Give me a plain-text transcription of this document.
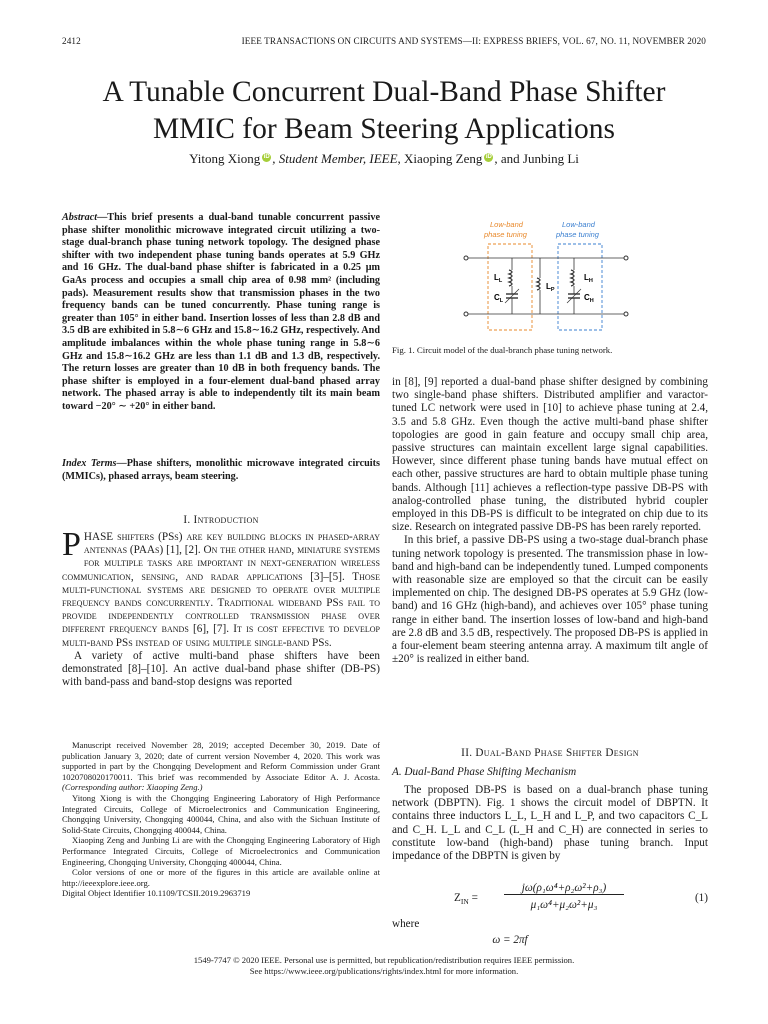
2412	IEEE TRANSACTIONS ON CIRCUITS AND SYSTEMS—II: EXPRESS BRIEFS, VOL. 67, NO. 11, NOVEMBER 2020
A Tunable Concurrent Dual-Band Phase Shifter
MMIC for Beam Steering Applications
Yitong Xiong iD , Student Member, IEEE, Xiaoping Zeng iD , and Junbing Li
Abstract—This brief presents a dual-band tunable concurrent passive phase shifter monolithic microwave integrated circuit utilizing a two-stage dual-branch phase tuning network topology. The designed phase shifter with two independent phase tuning bands operates at 5.9 GHz and 16 GHz. The dual-band phase shifter is fabricated in a 0.25 μm GaAs process and occupies a small chip area of 0.98 mm² (including pads). Measurement results show that transmission phases in the two frequency bands can be tuned concurrently. Phase tuning range is greater than 105° in either band. Insertion losses of less than 2.8 dB and 3.5 dB are exhibited in 5.8∼6 GHz and 15.8∼16.2 GHz, respectively. And amplitude imbalances within the whole phase tuning range in 5.8∼6 GHz and 15.8∼16.2 GHz are less than 1.1 dB and 1.3 dB, respectively. The return losses are greater than 10 dB in both frequency bands. The phase shifter is employed in a four-element dual-band phased array network. The phased array is able to independently tilt its main beam toward −20° ∼ +20° in either band.
Index Terms—Phase shifters, monolithic microwave integrated circuits (MMICs), phased arrays, beam steering.
I. Introduction

PHASE shifters (PSs) are key building blocks in phased-array antennas (PAAs) [1], [2]. On the other hand, miniature systems for multiple tasks are important in next-generation wireless communication, sensing, and radar applications [3]–[5]. Those multi-functional systems are designed to operate over multiple frequency bands concurrently. Traditional wideband PSs fail to provide independently controlled transmission phase over different frequency bands [6], [7]. It is cost effective to develop multi-band PSs instead of using multiple single-band PSs.

A variety of active multi-band phase shifters have been demonstrated [8]–[10]. An active dual-band phase shifter (DB-PS) with band-pass and band-stop designs was reported

Manuscript received November 28, 2019; accepted December 30, 2019. Date of publication January 3, 2020; date of current version November 4, 2020. This work was supported in part by the Chongqing Development and Reform Commission under Grant 1020708020170011. This brief was recommended by Associate Editor A. J. Acosta. (Corresponding author: Xiaoping Zeng.)

Yitong Xiong is with the Chongqing Engineering Laboratory of High Performance Integrated Circuits, College of Microelectronics and Communication Engineering, Chongqing University, Chongqing 400044, China, and also with the Sichuan Institute of Solid-State Circuits, Chongqing 400044, China.

Xiaoping Zeng and Junbing Li are with the Chongqing Engineering Laboratory of High Performance Integrated Circuits, College of Microelectronics and Communication Engineering, Chongqing University, Chongqing 400044, China.

Color versions of one or more of the figures in this article are available online at http://ieeexplore.ieee.org.

Digital Object Identifier 10.1109/TCSII.2019.2963719

Low-band
phase tuning
Low-band
phase tuning
$L_L$
$C_L$
$L_P$
$L_H$
$C_H$
Fig. 1. Circuit model of the dual-branch phase tuning network.

in [8], [9] reported a dual-band phase shifter designed by combining two single-band phase shifters. Distributed amplifier and varactor-tuned LC network were used in [10] to achieve phase tuning at 2.4, 3.5 and 5.8 GHz. Even though the active multi-band phase shifter topologies are good in gain feature and occupy small chip area, passive structures can maintain excellent large signal capabilities. However, since different phase tuning bands have mutual effect on each other, passive structures are hard to obtain multiple phase tuning bands. Although [11] achieves a reflection-type passive DB-PS with analog-controlled phase tuning, the distributed hybrid coupler employed in this DB-PS is difficult to be integrated on chip due to its size. Research on integrated passive DB-PS has been rarely reported.

In this brief, a passive DB-PS using a two-stage dual-branch phase tuning network topology is presented. The transmission phase in low-band and high-band can be independently tuned. Lumped components with reasonable size are employed so that the circuit can be easily implemented on chip. The designed DB-PS operates at 5.9 GHz (low-band) and 16 GHz (high-band), and achieves over 105° phase tuning range in either band. The insertion losses of low-band and high-band are 2.8 dB and 3.5 dB, respectively. The proposed DB-PS is applied in a four-element beam steering antenna array. A maximum tilt angle of ±20° is realized in either band.

II. Dual-Band Phase Shifter Design
A. Dual-Band Phase Shifting Mechanism

The proposed DB-PS is based on a dual-branch phase tuning network (DBPTN). Fig. 1 shows the circuit model of DBPTN. It contains three inductors L_L, L_H and L_P, and two capacitors C_L and C_H. L_L and C_L (L_H and C_H) are connected in series to constitute low-band (high-band) phase tuning branch. Input impedance of the DBPTN is given by

$Z_{IN}$ =
jω(ρ₁ω⁴+ρ₂ω²+ρ₃)
μ₁ω⁴+μ₂ω²+μ₃
(1)
where
ω = 2πf
1549-7747 © 2020 IEEE. Personal use is permitted, but republication/redistribution requires IEEE permission.
See https://www.ieee.org/publications/rights/index.html for more information.
